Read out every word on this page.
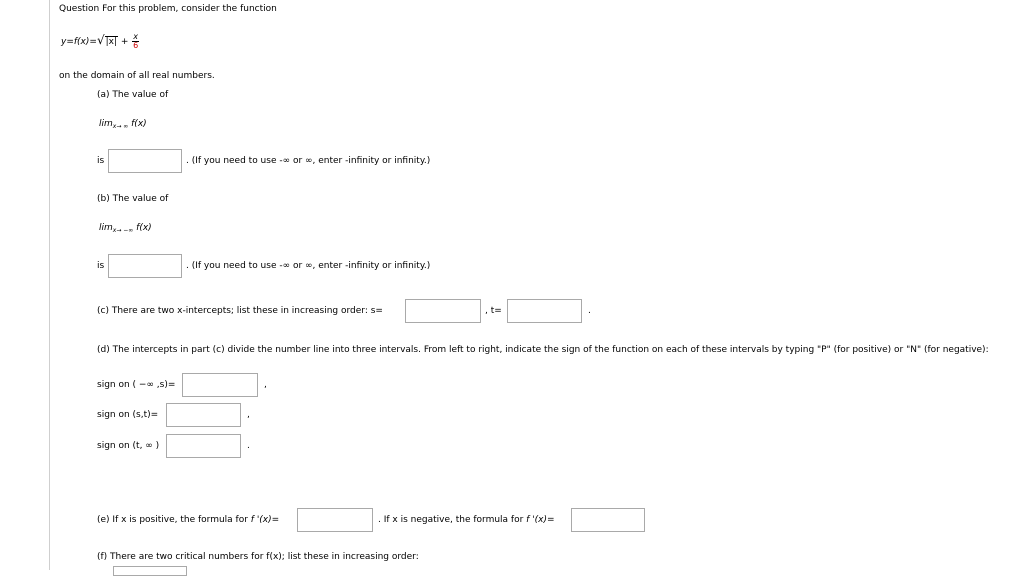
Question For this problem, consider the function
$y=f(x)=√|x| + \frac{x}{6}$
on the domain of all real numbers.
(a) The value of
$\lim_{x\to \infty} f(x)$
is	. (If you need to use -∞ or ∞, enter -infinity or infinity.)
(b) The value of
$\lim_{x\to -\infty} f(x)$
is	. (If you need to use -∞ or ∞, enter -infinity or infinity.)
(c) There are two x-intercepts; list these in increasing order: s=	, t=	.
(d) The intercepts in part (c) divide the number line into three intervals. From left to right, indicate the sign of the function on each of these intervals by typing "P" (for positive) or "N" (for negative):
sign on ( −∞ ,s)=	,
sign on (s,t)=	,
sign on (t, ∞ )	.
(e) If x is positive, the formula for f '(x)=	. If x is negative, the formula for f '(x)=
(f) There are two critical numbers for f(x); list these in increasing order:
